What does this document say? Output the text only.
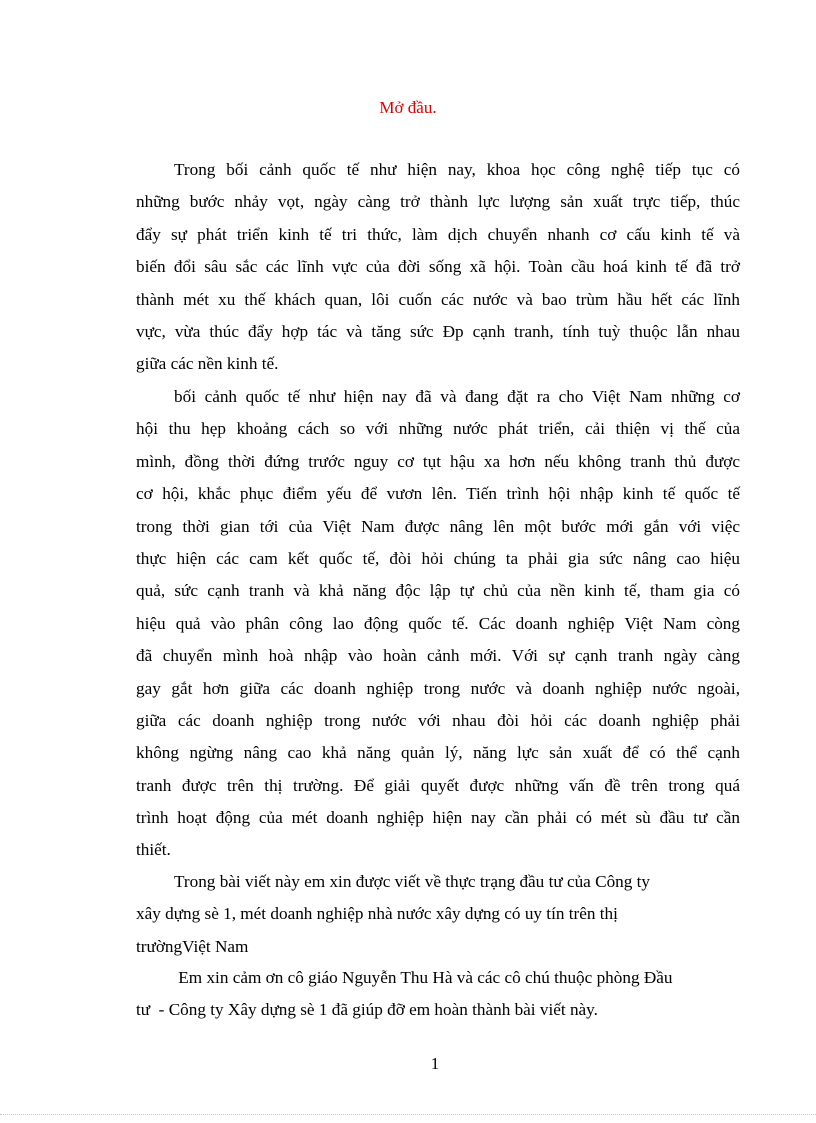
Mở đầu.
Trong bối cảnh quốc tế như hiện nay, khoa học công nghệ tiếp tục có
những bước nhảy vọt, ngày càng trở thành lực lượng sản xuất trực tiếp, thúc
đẩy sự phát triển kinh tế tri thức, làm dịch chuyển nhanh cơ cấu kinh tế và
biến đổi sâu sắc các lĩnh vực của đời sống xã hội. Toàn cầu hoá kinh tế đã trở
thành mét xu thế khách quan, lôi cuốn các nước và bao trùm hầu hết các lĩnh
vực, vừa thúc đẩy hợp tác và tăng sức Đp cạnh tranh, tính tuỳ thuộc lẫn nhau
giữa các nền kinh tế.
bối cảnh quốc tế như hiện nay đã và đang đặt ra cho Việt Nam những cơ
hội thu hẹp khoảng cách so với những nước phát triển, cải thiện vị thế của
mình, đồng thời đứng trước nguy cơ tụt hậu xa hơn nếu không tranh thủ được
cơ hội, khắc phục điểm yếu để vươn lên. Tiến trình hội nhập kinh tế quốc tế
trong thời gian tới của Việt Nam được nâng lên một bước mới gắn với việc
thực hiện các cam kết quốc tế, đòi hỏi chúng ta phải gia sức nâng cao hiệu
quả, sức cạnh tranh và khả năng độc lập tự chủ của nền kinh tế, tham gia có
hiệu quả vào phân công lao động quốc tế. Các doanh nghiệp Việt Nam còng
đã chuyển mình hoà nhập vào hoàn cảnh mới. Với sự cạnh tranh ngày càng
gay gắt hơn giữa các doanh nghiệp trong nước và doanh nghiệp nước ngoài,
giữa các doanh nghiệp trong nước với nhau đòi hỏi các doanh nghiệp phải
không ngừng nâng cao khả năng quản lý, năng lực sản xuất để có thể cạnh
tranh được trên thị trường. Để giải quyết được những vấn đề trên trong quá
trình hoạt động của mét doanh nghiệp hiện nay cần phải có mét sù đầu tư cần
thiết.
Trong bài viết này em xin được viết về thực trạng đầu tư của Công ty
xây dựng sè 1, mét doanh nghiệp nhà nước xây dựng có uy tín trên thị
trườngViệt Nam
Em xin cảm ơn cô giáo Nguyễn Thu Hà và các cô chú thuộc phòng Đầu
tư  - Công ty Xây dựng sè 1 đã giúp đỡ em hoàn thành bài viết này.
1
